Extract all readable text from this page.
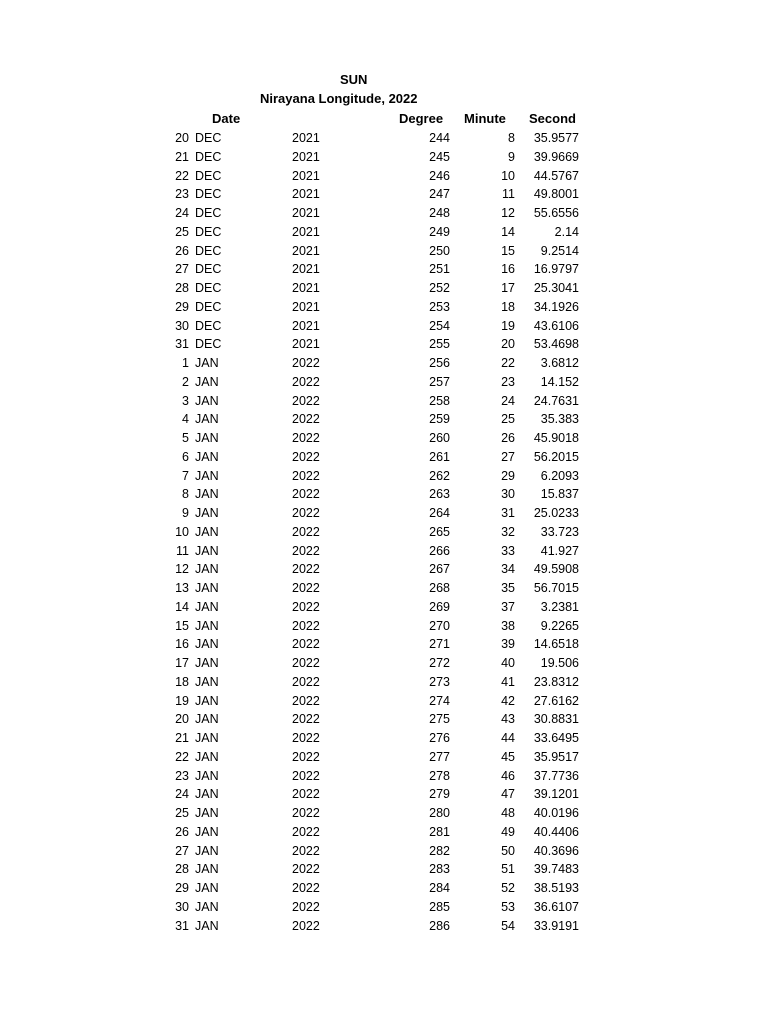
SUN
Nirayana Longitude, 2022
Date	Degree Minute Second
20 DEC	2021	244	8 35.9577
21 DEC	2021	245	9 39.9669
22 DEC	2021	246	10 44.5767
23 DEC	2021	247	11 49.8001
24 DEC	2021	248	12 55.6556
25 DEC	2021	249	14	2.14
26 DEC	2021	250	15 9.2514
27 DEC	2021	251	16 16.9797
28 DEC	2021	252	17 25.3041
29 DEC	2021	253	18 34.1926
30 DEC	2021	254	19 43.6106
31 DEC	2021	255	20 53.4698
1 JAN	2022	256	22 3.6812
2 JAN	2022	257	23 14.152
3 JAN	2022	258	24 24.7631
4 JAN	2022	259	25 35.383
5 JAN	2022	260	26 45.9018
6 JAN	2022	261	27 56.2015
7 JAN	2022	262	29 6.2093
8 JAN	2022	263	30 15.837
9 JAN	2022	264	31 25.0233
10 JAN	2022	265	32 33.723
11 JAN	2022	266	33 41.927
12 JAN	2022	267	34 49.5908
13 JAN	2022	268	35 56.7015
14 JAN	2022	269	37 3.2381
15 JAN	2022	270	38 9.2265
16 JAN	2022	271	39 14.6518
17 JAN	2022	272	40 19.506
18 JAN	2022	273	41 23.8312
19 JAN	2022	274	42 27.6162
20 JAN	2022	275	43 30.8831
21 JAN	2022	276	44 33.6495
22 JAN	2022	277	45 35.9517
23 JAN	2022	278	46 37.7736
24 JAN	2022	279	47 39.1201
25 JAN	2022	280	48 40.0196
26 JAN	2022	281	49 40.4406
27 JAN	2022	282	50 40.3696
28 JAN	2022	283	51 39.7483
29 JAN	2022	284	52 38.5193
30 JAN	2022	285	53 36.6107
31 JAN	2022	286	54 33.9191
